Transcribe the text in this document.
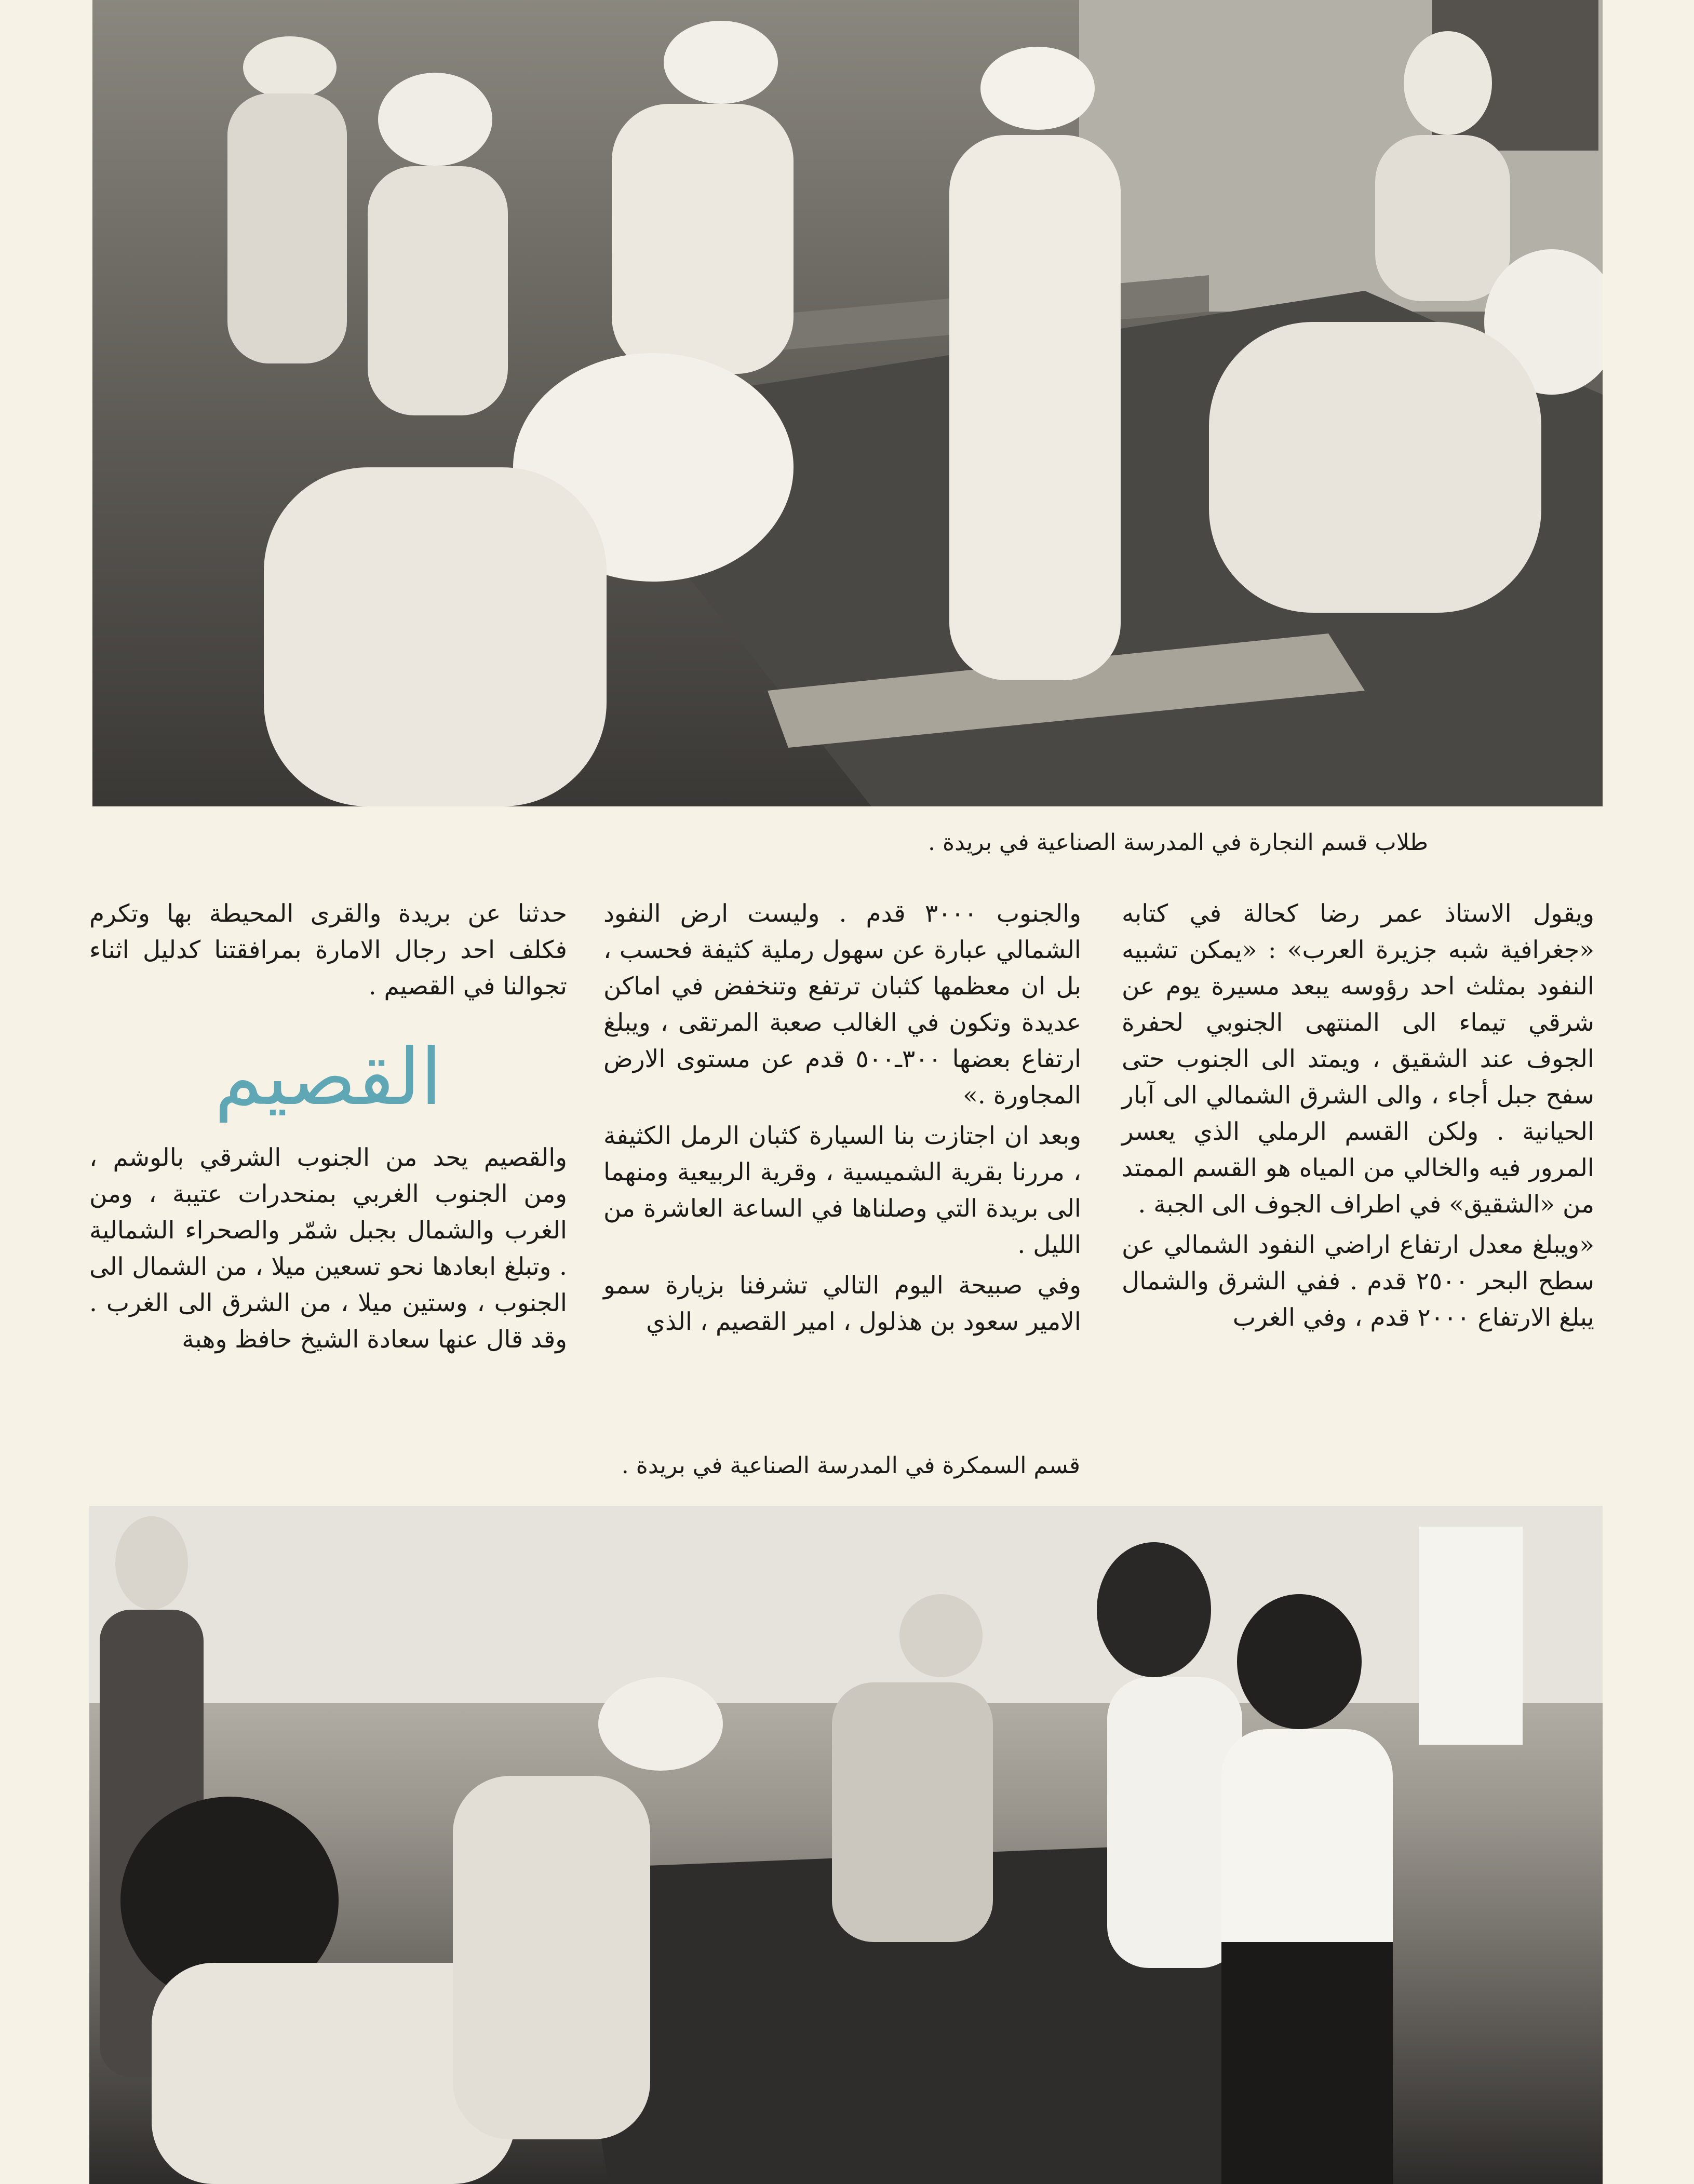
طلاب قسم النجارة في المدرسة الصناعية في بريدة .

ويقول الاستاذ عمر رضا كحالة في كتابه «جغرافية شبه جزيرة العرب» : «يمكن تشبيه النفود بمثلث احد رؤوسه يبعد مسيرة يوم عن شرقي تيماء الى المنتهى الجنوبي لحفرة الجوف عند الشقيق ، ويمتد الى الجنوب حتى سفح جبل أجاء ، والى الشرق الشمالي الى آبار الحيانية . ولكن القسم الرملي الذي يعسر المرور فيه والخالي من المياه هو القسم الممتد من «الشقيق» في اطراف الجوف الى الجبة .

«ويبلغ معدل ارتفاع اراضي النفود الشمالي عن سطح البحر ٢٥٠٠ قدم . ففي الشرق والشمال يبلغ الارتفاع ٢٠٠٠ قدم ، وفي الغرب

والجنوب ٣٠٠٠ قدم . وليست ارض النفود الشمالي عبارة عن سهول رملية كثيفة فحسب ، بل ان معظمها كثبان ترتفع وتنخفض في اماكن عديدة وتكون في الغالب صعبة المرتقى ، ويبلغ ارتفاع بعضها ٣٠٠ـ٥٠٠ قدم عن مستوى الارض المجاورة .»

وبعد ان اجتازت بنا السيارة كثبان الرمل الكثيفة ، مررنا بقرية الشميسية ، وقرية الربيعية ومنهما الى بريدة التي وصلناها في الساعة العاشرة من الليل .

وفي صبيحة اليوم التالي تشرفنا بزيارة سمو الامير سعود بن هذلول ، امير القصيم ، الذي

حدثنا عن بريدة والقرى المحيطة بها وتكرم فكلف احد رجال الامارة بمرافقتنا كدليل اثناء تجوالنا في القصيم .

القصيم

والقصيم يحد من الجنوب الشرقي بالوشم ، ومن الجنوب الغربي بمنحدرات عتيبة ، ومن الغرب والشمال بجبل شمّر والصحراء الشمالية . وتبلغ ابعادها نحو تسعين ميلا ، من الشمال الى الجنوب ، وستين ميلا ، من الشرق الى الغرب . وقد قال عنها سعادة الشيخ حافظ وهبة

قسم السمكرة في المدرسة الصناعية في بريدة .
